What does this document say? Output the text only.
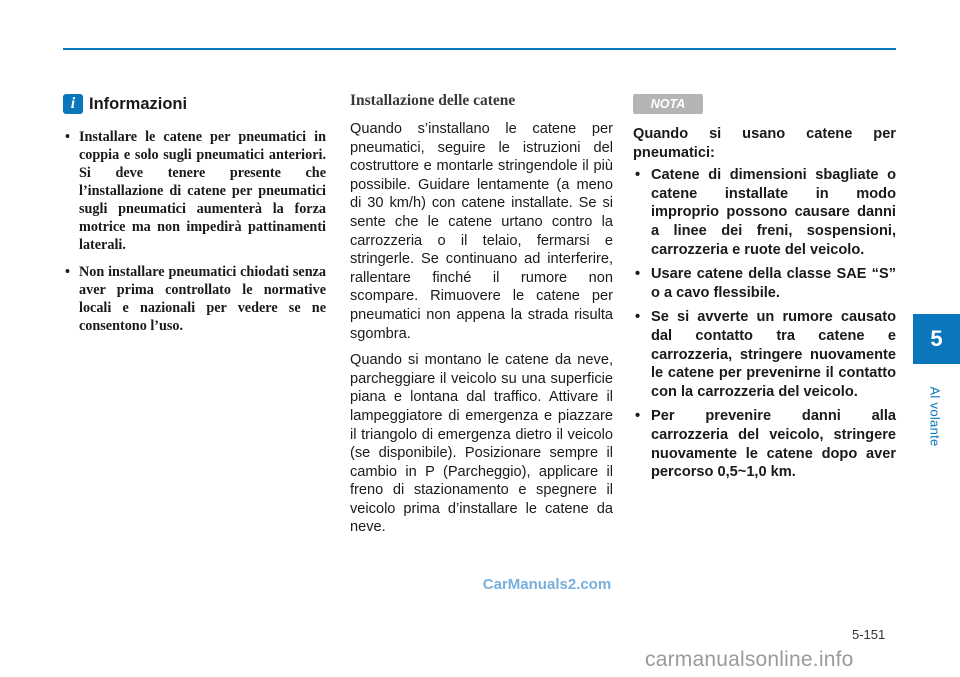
5
Al volante
i Informazioni
• Installare le catene per pneumatici in coppia e solo sugli pneumatici anteriori. Si deve tenere presente che l’installazione di catene per pneumatici sugli pneumatici aumenterà la forza motrice ma non impedirà pattinamenti laterali.
• Non installare pneumatici chiodati senza aver prima controllato le normative locali e nazionali per vedere se ne consentono l’uso.
Installazione delle catene

Quando s’installano le catene per pneumatici, seguire le istruzioni del costruttore e montarle stringendole il più possibile. Guidare lentamente (a meno di 30 km/h) con catene installate. Se si sente che le catene urtano contro la carrozzeria o il telaio, fermarsi e stringerle. Se continuano ad interferire, rallentare finché il rumore non scompare. Rimuovere le catene per pneumatici non appena la strada risulta sgombra.

Quando si montano le catene da neve, parcheggiare il veicolo su una superficie piana e lontana dal traffico. Attivare il lampeggiatore di emergenza e piazzare il triangolo di emergenza dietro il veicolo (se disponibile). Posizionare sempre il cambio in P (Parcheggio), applicare il freno di stazionamento e spegnere il veicolo prima d’installare le catene da neve.

NOTA

Quando si usano catene per pneumatici:

• Catene di dimensioni sbagliate o catene installate in modo improprio possono causare danni a linee dei freni, sospensioni, carrozzeria e ruote del veicolo.
• Usare catene della classe SAE “S” o a cavo flessibile.
• Se si avverte un rumore causato dal contatto tra catene e carrozzeria, stringere nuovamente le catene per prevenirne il contatto con la carrozzeria del veicolo.
• Per prevenire danni alla carrozzeria del veicolo, stringere nuovamente le catene dopo aver percorso 0,5~1,0 km.
CarManuals2.com
5-151
carmanualsonline.info
